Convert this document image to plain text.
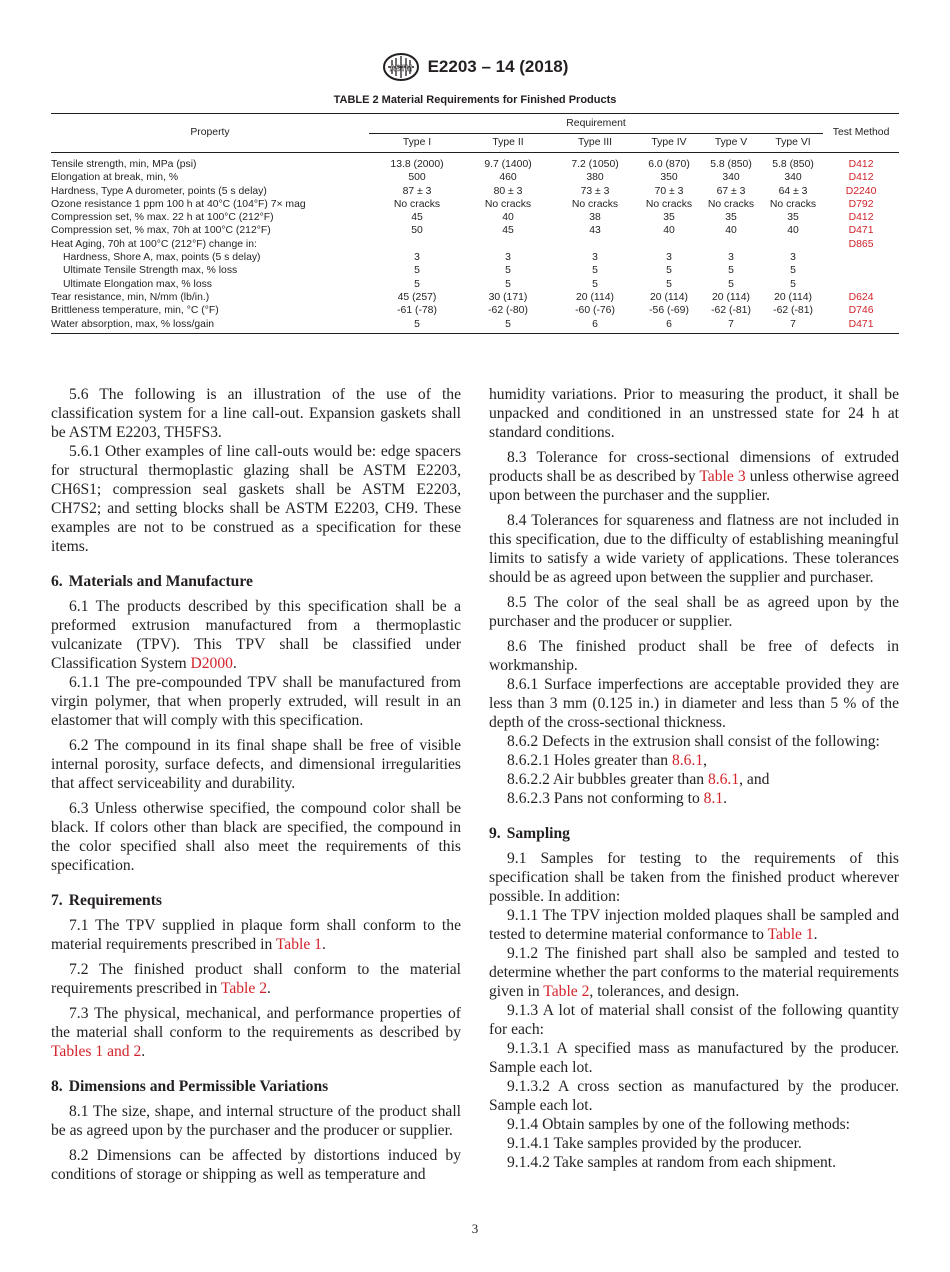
ASTM E2203 – 14 (2018)
TABLE 2 Material Requirements for Finished Products
Property	Requirement						Test Method
	Type I	Type II	Type III	Type IV	Type V	Type VI	
Tensile strength, min, MPa (psi)	13.8 (2000)	9.7 (1400)	7.2 (1050)	6.0 (870)	5.8 (850)	5.8 (850)	D412
Elongation at break, min, %	500	460	380	350	340	340	D412
Hardness, Type A durometer, points (5 s delay)	87 ± 3	80 ± 3	73 ± 3	70 ± 3	67 ± 3	64 ± 3	D2240
Ozone resistance 1 ppm 100 h at 40°C (104°F) 7× mag	No cracks	No cracks	No cracks	No cracks	No cracks	No cracks	D792
Compression set, % max. 22 h at 100°C (212°F)	45	40	38	35	35	35	D412
Compression set, % max, 70h at 100°C (212°F)	50	45	43	40	40	40	D471
Heat Aging, 70h at 100°C (212°F) change in:							D865
Hardness, Shore A, max, points (5 s delay)	3	3	3	3	3	3	
Ultimate Tensile Strength max, % loss	5	5	5	5	5	5	
Ultimate Elongation max, % loss	5	5	5	5	5	5	
Tear resistance, min, N/mm (lb/in.)	45 (257)	30 (171)	20 (114)	20 (114)	20 (114)	20 (114)	D624
Brittleness temperature, min, °C (°F)	-61 (-78)	-62 (-80)	-60 (-76)	-56 (-69)	-62 (-81)	-62 (-81)	D746
Water absorption, max, % loss/gain	5	5	6	6	7	7	D471

5.6 The following is an illustration of the use of the classification system for a line call-out. Expansion gaskets shall be ASTM E2203, TH5FS3.

5.6.1 Other examples of line call-outs would be: edge spacers for structural thermoplastic glazing shall be ASTM E2203, CH6S1; compression seal gaskets shall be ASTM E2203, CH7S2; and setting blocks shall be ASTM E2203, CH9. These examples are not to be construed as a specification for these items.

6. Materials and Manufacture

6.1 The products described by this specification shall be a preformed extrusion manufactured from a thermoplastic vulcanizate (TPV). This TPV shall be classified under Classification System D2000.

6.1.1 The pre-compounded TPV shall be manufactured from virgin polymer, that when properly extruded, will result in an elastomer that will comply with this specification.

6.2 The compound in its final shape shall be free of visible internal porosity, surface defects, and dimensional irregularities that affect serviceability and durability.

6.3 Unless otherwise specified, the compound color shall be black. If colors other than black are specified, the compound in the color specified shall also meet the requirements of this specification.

7. Requirements

7.1 The TPV supplied in plaque form shall conform to the material requirements prescribed in Table 1.

7.2 The finished product shall conform to the material requirements prescribed in Table 2.

7.3 The physical, mechanical, and performance properties of the material shall conform to the requirements as described by Tables 1 and 2.

8. Dimensions and Permissible Variations

8.1 The size, shape, and internal structure of the product shall be as agreed upon by the purchaser and the producer or supplier.

8.2 Dimensions can be affected by distortions induced by conditions of storage or shipping as well as temperature and

humidity variations. Prior to measuring the product, it shall be unpacked and conditioned in an unstressed state for 24 h at standard conditions.

8.3 Tolerance for cross-sectional dimensions of extruded products shall be as described by Table 3 unless otherwise agreed upon between the purchaser and the supplier.

8.4 Tolerances for squareness and flatness are not included in this specification, due to the difficulty of establishing meaningful limits to satisfy a wide variety of applications. These tolerances should be as agreed upon between the supplier and purchaser.

8.5 The color of the seal shall be as agreed upon by the purchaser and the producer or supplier.

8.6 The finished product shall be free of defects in workmanship.

8.6.1 Surface imperfections are acceptable provided they are less than 3 mm (0.125 in.) in diameter and less than 5 % of the depth of the cross-sectional thickness.

8.6.2 Defects in the extrusion shall consist of the following:

8.6.2.1 Holes greater than 8.6.1,

8.6.2.2 Air bubbles greater than 8.6.1, and

8.6.2.3 Pans not conforming to 8.1.

9. Sampling

9.1 Samples for testing to the requirements of this specification shall be taken from the finished product wherever possible. In addition:

9.1.1 The TPV injection molded plaques shall be sampled and tested to determine material conformance to Table 1.

9.1.2 The finished part shall also be sampled and tested to determine whether the part conforms to the material requirements given in Table 2, tolerances, and design.

9.1.3 A lot of material shall consist of the following quantity for each:

9.1.3.1 A specified mass as manufactured by the producer. Sample each lot.

9.1.3.2 A cross section as manufactured by the producer. Sample each lot.

9.1.4 Obtain samples by one of the following methods:

9.1.4.1 Take samples provided by the producer.

9.1.4.2 Take samples at random from each shipment.

3
